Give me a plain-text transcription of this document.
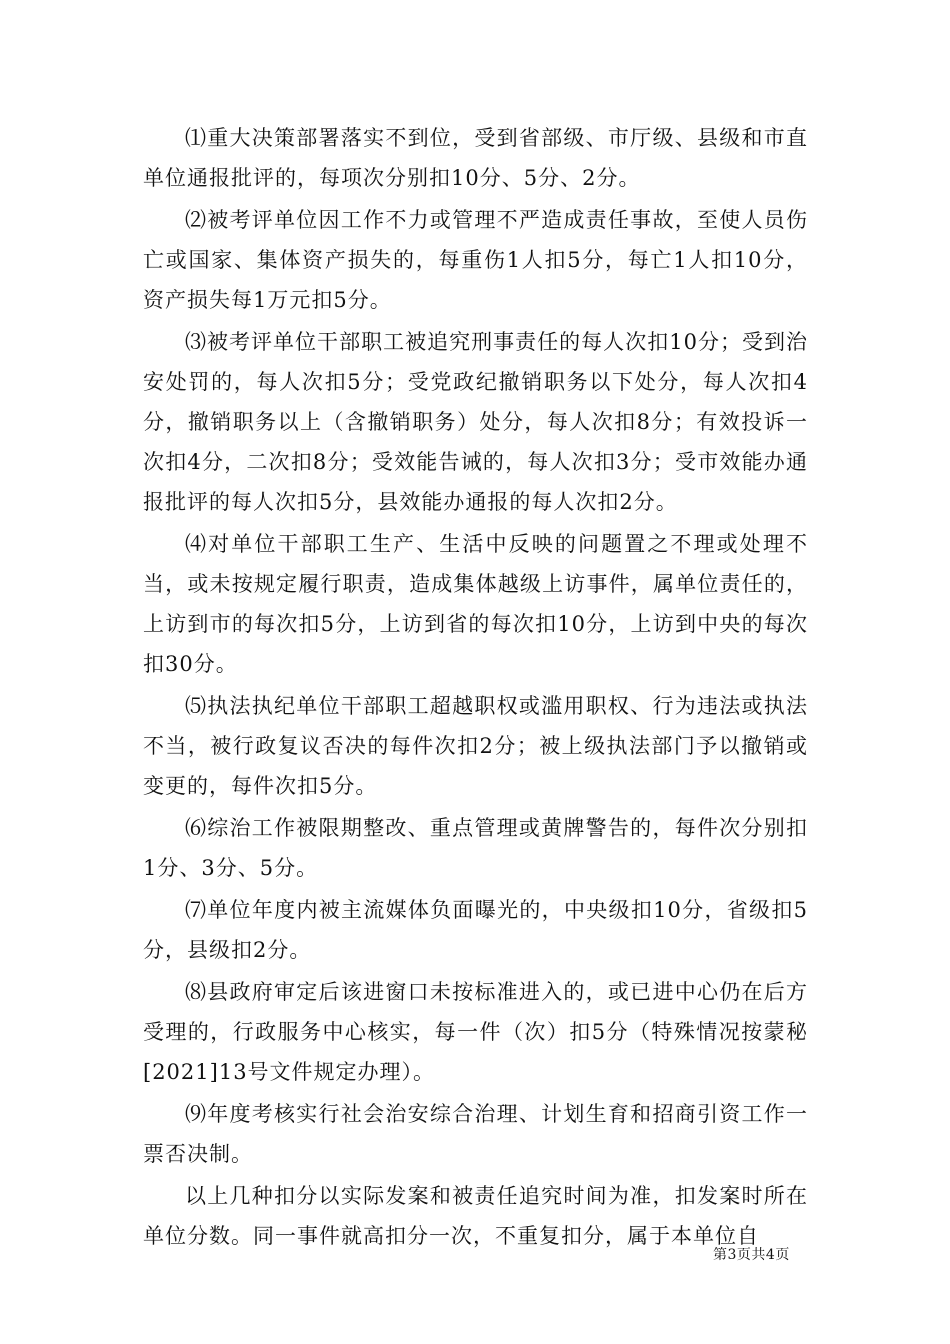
⑴重大决策部署落实不到位，受到省部级、市厅级、县级和市直单位通报批评的，每项次分别扣10分、5分、2分。

⑵被考评单位因工作不力或管理不严造成责任事故，至使人员伤亡或国家、集体资产损失的，每重伤1人扣5分，每亡1人扣10分，资产损失每1万元扣5分。

⑶被考评单位干部职工被追究刑事责任的每人次扣10分；受到治安处罚的，每人次扣5分；受党政纪撤销职务以下处分，每人次扣4分，撤销职务以上（含撤销职务）处分，每人次扣8分；有效投诉一次扣4分，二次扣8分；受效能告诫的，每人次扣3分；受市效能办通报批评的每人次扣5分，县效能办通报的每人次扣2分。

⑷对单位干部职工生产、生活中反映的问题置之不理或处理不当，或未按规定履行职责，造成集体越级上访事件，属单位责任的，上访到市的每次扣5分，上访到省的每次扣10分，上访到中央的每次扣30分。

⑸执法执纪单位干部职工超越职权或滥用职权、行为违法或执法不当，被行政复议否决的每件次扣2分；被上级执法部门予以撤销或变更的，每件次扣5分。

⑹综治工作被限期整改、重点管理或黄牌警告的，每件次分别扣1分、3分、5分。

⑺单位年度内被主流媒体负面曝光的，中央级扣10分，省级扣5分，县级扣2分。

⑻县政府审定后该进窗口未按标准进入的，或已进中心仍在后方受理的，行政服务中心核实，每一件（次）扣5分（特殊情况按蒙秘[2021]13号文件规定办理）。

⑼年度考核实行社会治安综合治理、计划生育和招商引资工作一票否决制。

以上几种扣分以实际发案和被责任追究时间为准，扣发案时所在单位分数。同一事件就高扣分一次，不重复扣分，属于本单位自

第3页共4页
